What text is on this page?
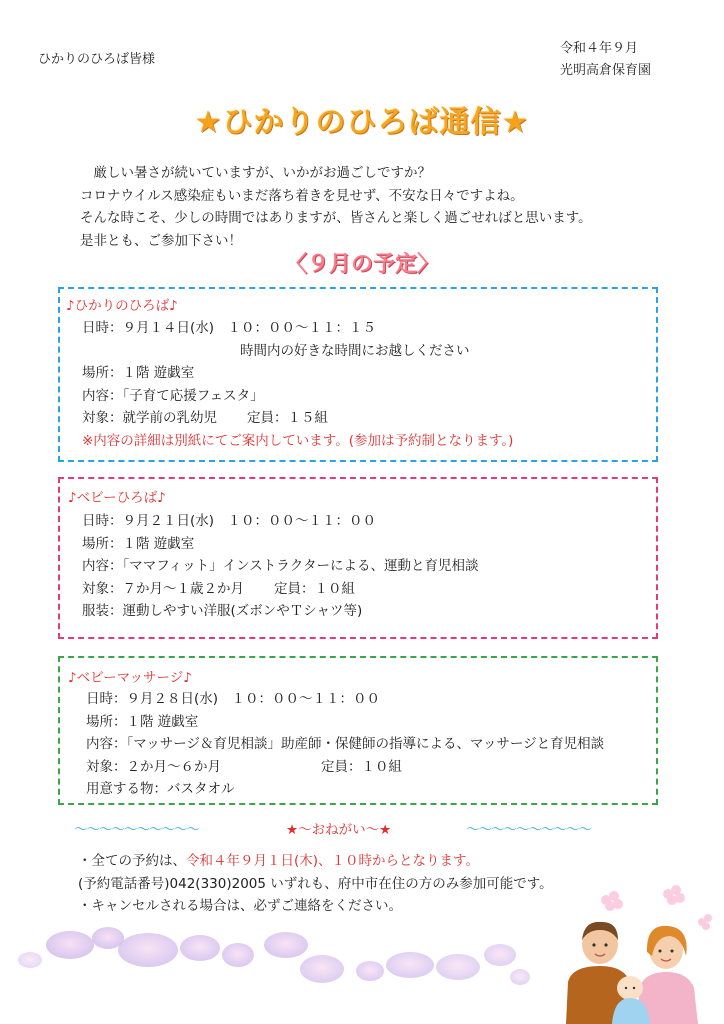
ひかりのひろば皆様
令和４年９月
光明高倉保育園
★ひかりのひろば通信★

　厳しい暑さが続いていますが、いかがお過ごしですか？

コロナウイルス感染症もいまだ落ち着きを見せず、不安な日々ですよね。

そんな時こそ、少しの時間ではありますが、皆さんと楽しく過ごせればと思います。

是非とも、ご参加下さい！

〈９月の予定〉
♪ひかりのひろば♪
日時：９月１４日(水)　１０：００～１１：１５
時間内の好きな時間にお越しください
場所：１階 遊戯室
内容：「子育て応援フェスタ」
対象：就学前の乳幼児 定員：１５組
※内容の詳細は別紙にてご案内しています。(参加は予約制となります。)
♪ベビーひろば♪
日時：９月２１日(水)　１０：００～１１：００
場所：１階 遊戯室
内容：「ママフィット」インストラクターによる、運動と育児相談
対象：７か月～１歳２か月 定員：１０組
服装：運動しやすい洋服(ズボンやＴシャツ等)
♪ベビーマッサージ♪
日時：９月２８日(水)　１０：００～１１：００
場所：１階 遊戯室
内容：「マッサージ＆育児相談」助産師・保健師の指導による、マッサージと育児相談
対象：２か月～６か月	定員：１０組
用意する物：バスタオル
～～～～～～～～～～	★～おねがい～★	～～～～～～～～～～
・全ての予約は、令和４年９月１日(木)、１０時からとなります。
(予約電話番号)042(330)2005 いずれも、府中市在住の方のみ参加可能です。
・キャンセルされる場合は、必ずご連絡をください。
